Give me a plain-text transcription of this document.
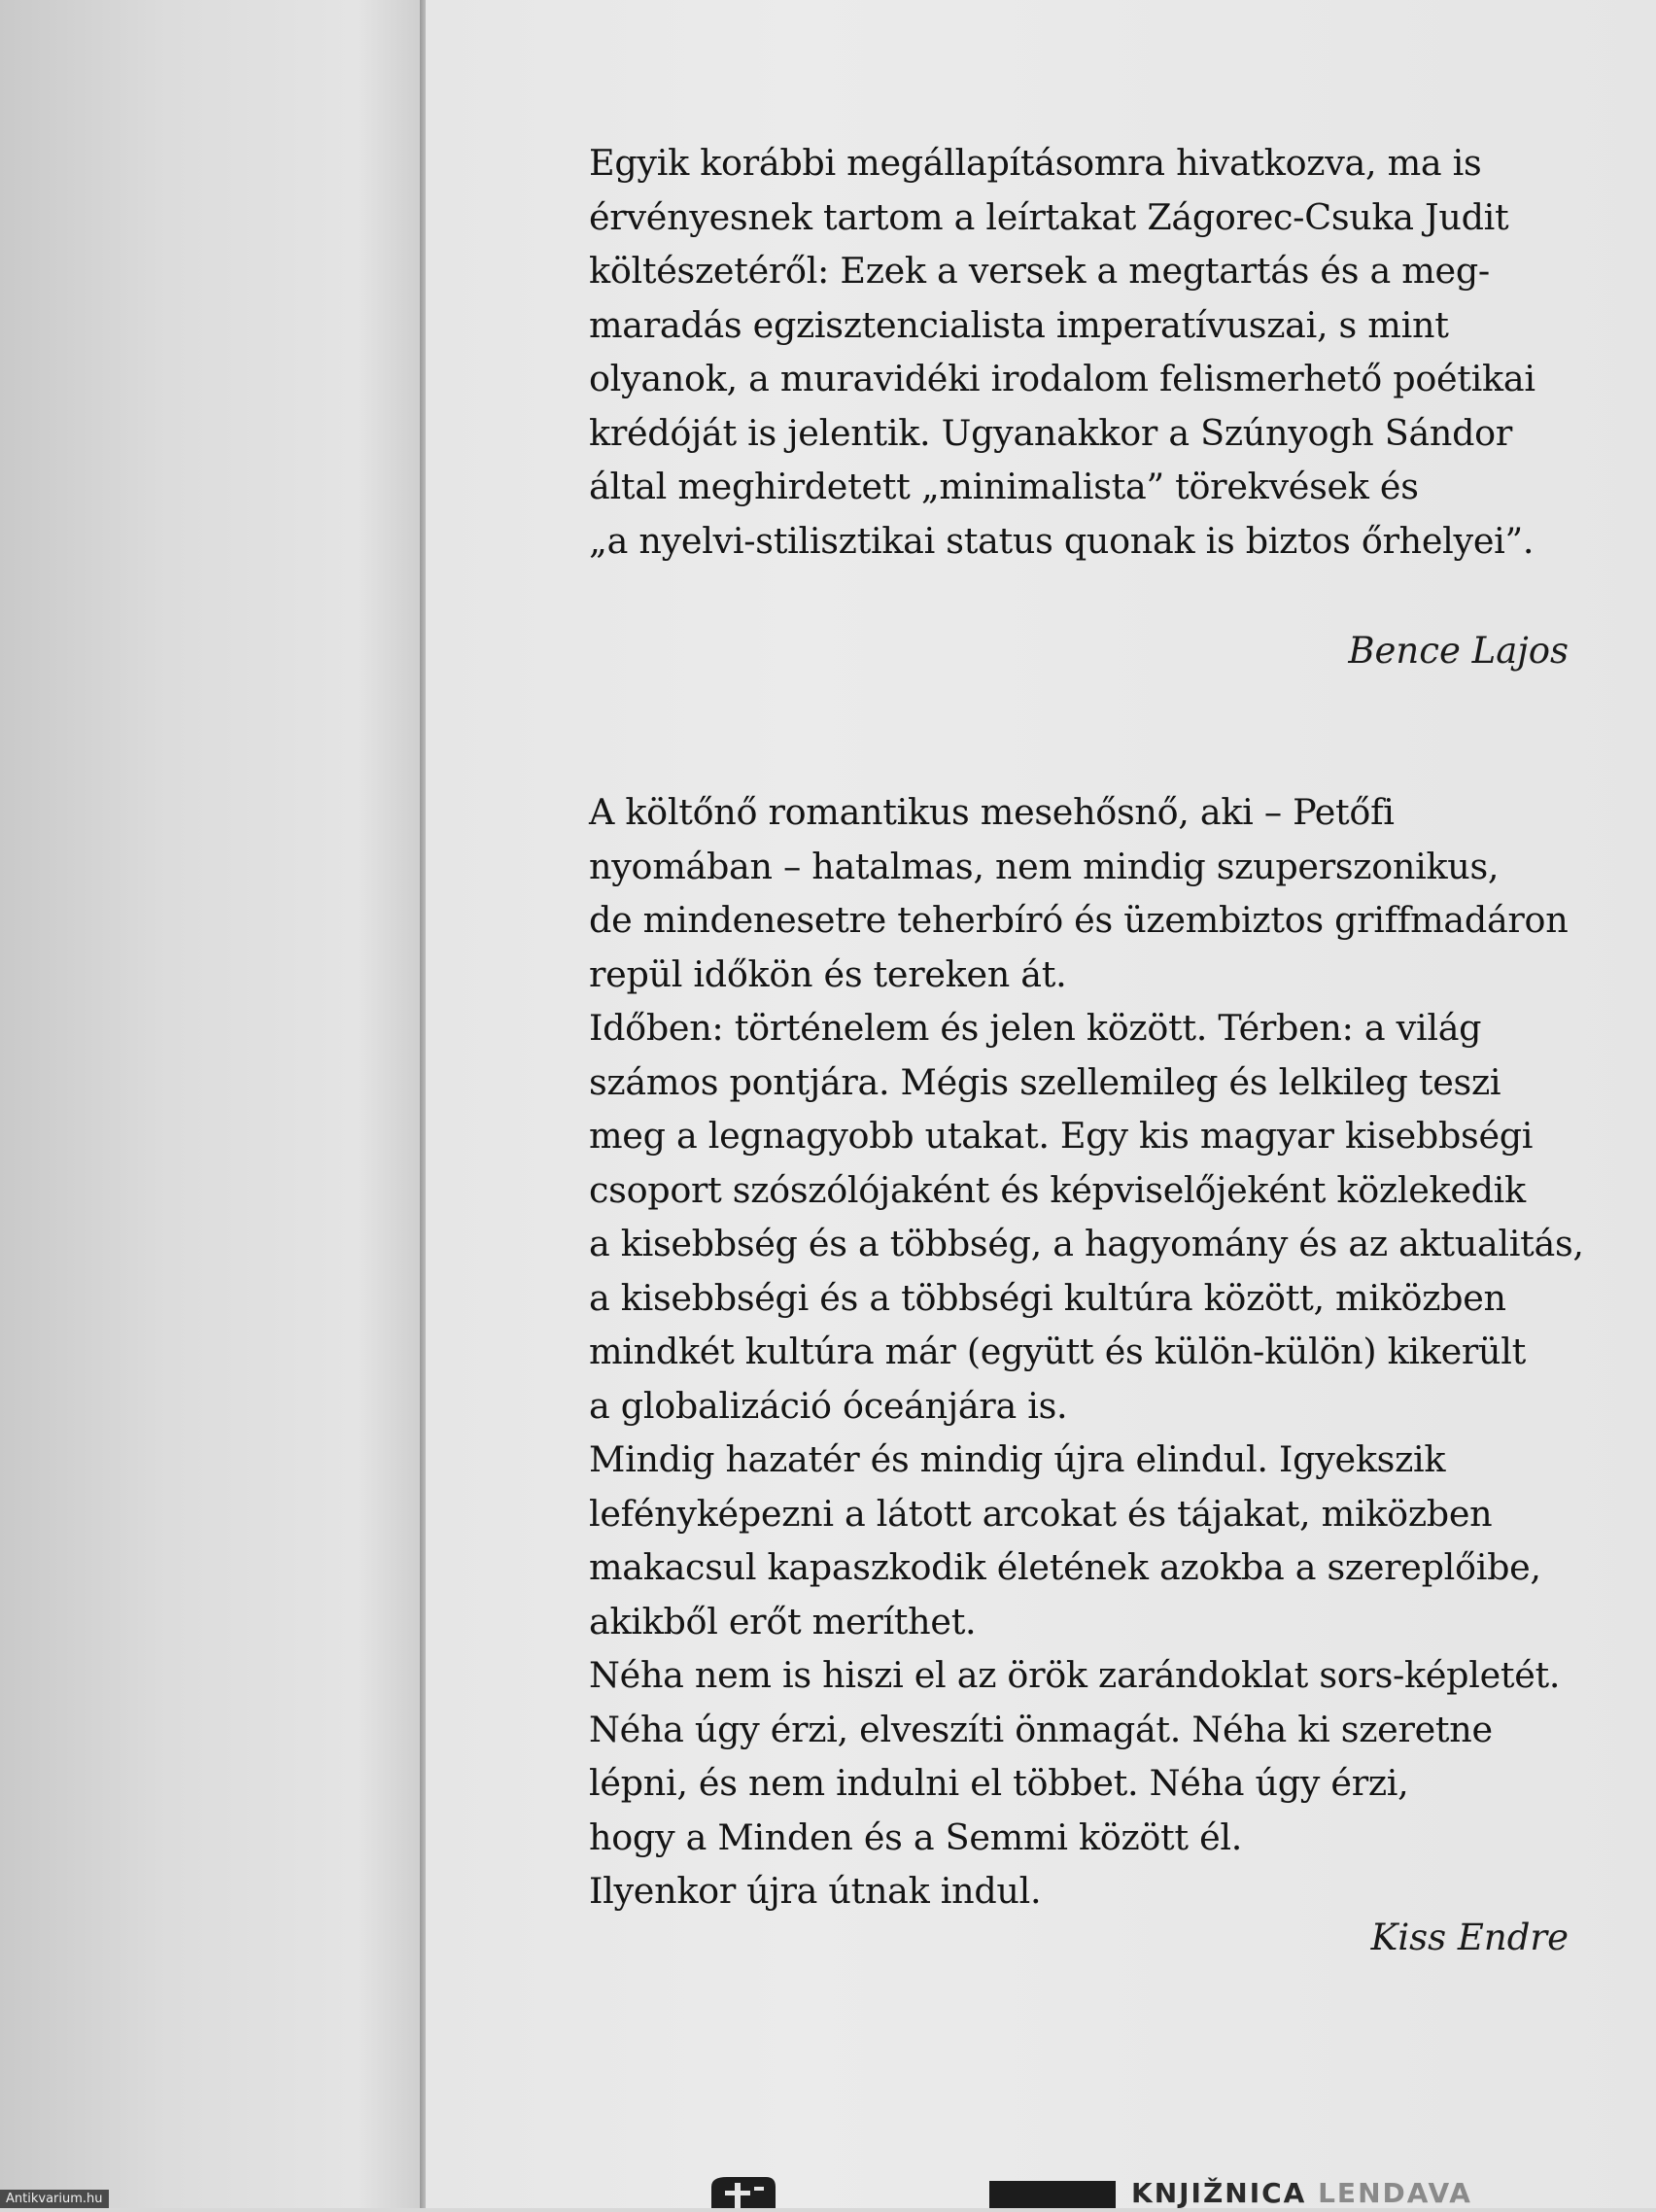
Egyik korábbi megállapításomra hivatkozva, ma is
érvényesnek tartom a leírtakat Zágorec-Csuka Judit
költészetéről: Ezek a versek a megtartás és a meg-
maradás egzisztencialista imperatívuszai, s mint
olyanok, a muravidéki irodalom felismerhető poétikai
krédóját is jelentik. Ugyanakkor a Szúnyogh Sándor
által meghirdetett „minimalista” törekvések és
„a nyelvi-stilisztikai status quonak is biztos őrhelyei”.
Bence Lajos
A költőnő romantikus mesehősnő, aki – Petőfi
nyomában – hatalmas, nem mindig szuperszonikus,
de mindenesetre teherbíró és üzembiztos griffmadáron
repül időkön és tereken át.
Időben: történelem és jelen között. Térben: a világ
számos pontjára. Mégis szellemileg és lelkileg teszi
meg a legnagyobb utakat. Egy kis magyar kisebbségi
csoport szószólójaként és képviselőjeként közlekedik
a kisebbség és a többség, a hagyomány és az aktualitás,
a kisebbségi és a többségi kultúra között, miközben
mindkét kultúra már (együtt és külön-külön) kikerült
a globalizáció óceánjára is.
Mindig hazatér és mindig újra elindul. Igyekszik
lefényképezni a látott arcokat és tájakat, miközben
makacsul kapaszkodik életének azokba a szereplőibe,
akikből erőt meríthet.
Néha nem is hiszi el az örök zarándoklat sors-képletét.
Néha úgy érzi, elveszíti önmagát. Néha ki szeretne
lépni, és nem indulni el többet. Néha úgy érzi,
hogy a Minden és a Semmi között él.
Ilyenkor újra útnak indul.
Kiss Endre
KNJIŽNICA LENDAVA
Antikvarium.hu
